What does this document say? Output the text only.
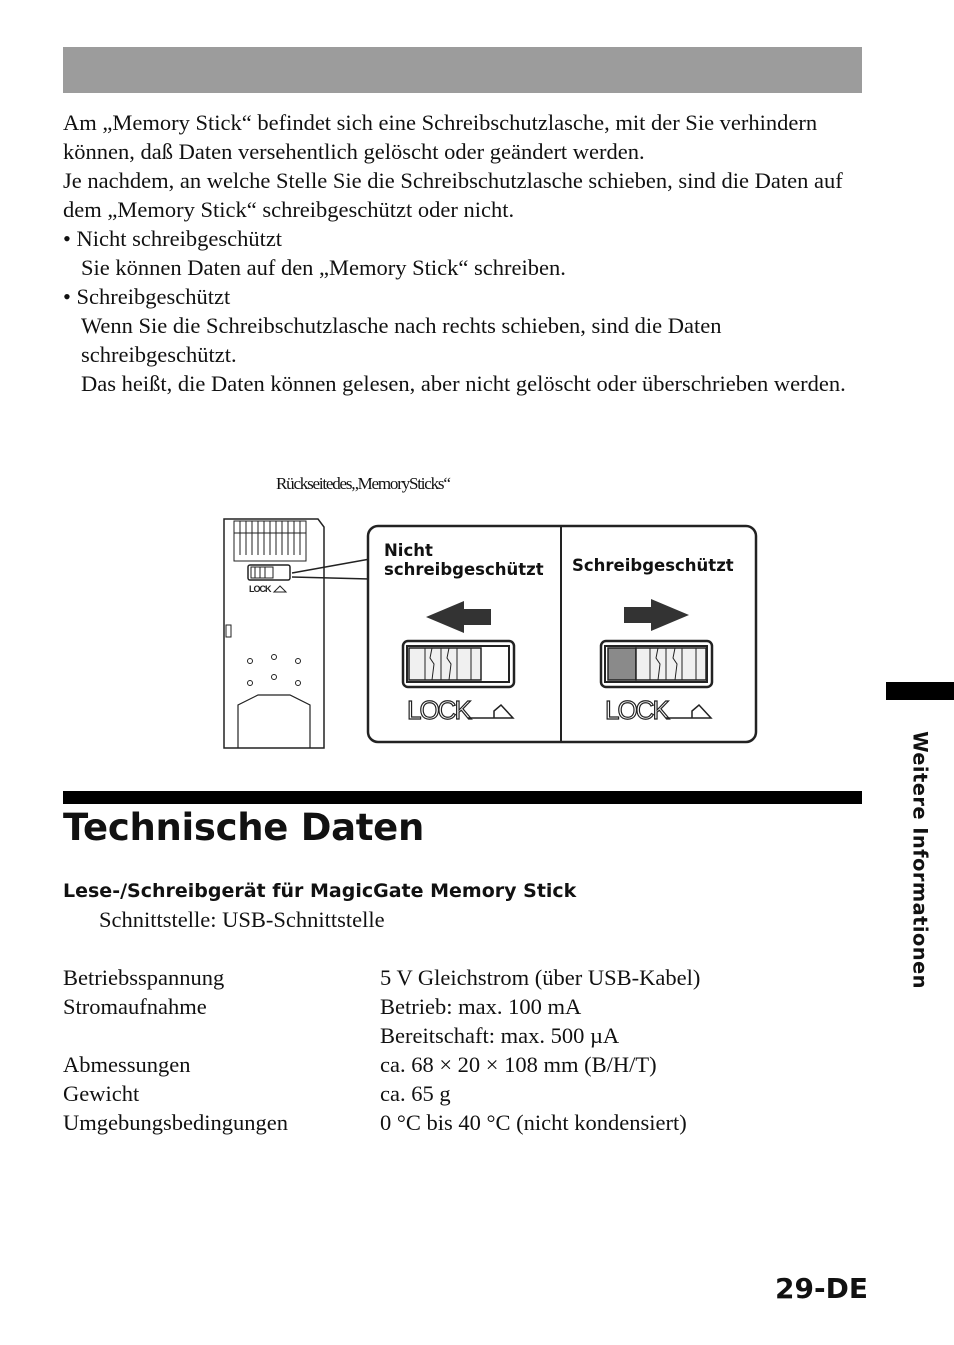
Am „Memory Stick“ befindet sich eine Schreibschutzlasche, mit der Sie verhindern können, daß Daten versehentlich gelöscht oder geändert werden.

Je nachdem, an welche Stelle Sie die Schreibschutzlasche schieben, sind die Daten auf dem „Memory Stick“ schreibgeschützt oder nicht.

• Nicht schreibgeschützt

Sie können Daten auf den „Memory Stick“ schreiben.

• Schreibgeschützt

Wenn Sie die Schreibschutzlasche nach rechts schieben, sind die Daten schreibgeschützt.

Das heißt, die Daten können gelesen, aber nicht gelöscht oder überschrieben werden.

Rückseitedes„MemorySticks“
LOCK
LOCK	LOCK
Nicht
schreibgeschützt Schreibgeschützt
Technische Daten
Lese-/Schreibgerät für MagicGate Memory Stick
Schnittstelle: USB-Schnittstelle
Betriebsspannung	5 V Gleichstrom (über USB-Kabel)
Stromaufnahme	Betrieb: max. 100 mA
Bereitschaft: max. 500 µA
Abmessungen	ca. 68 × 20 × 108 mm (B/H/T)
Gewicht	ca. 65 g
Umgebungsbedingungen	0 °C bis 40 °C (nicht kondensiert)
Weitere Informationen
29-DE
